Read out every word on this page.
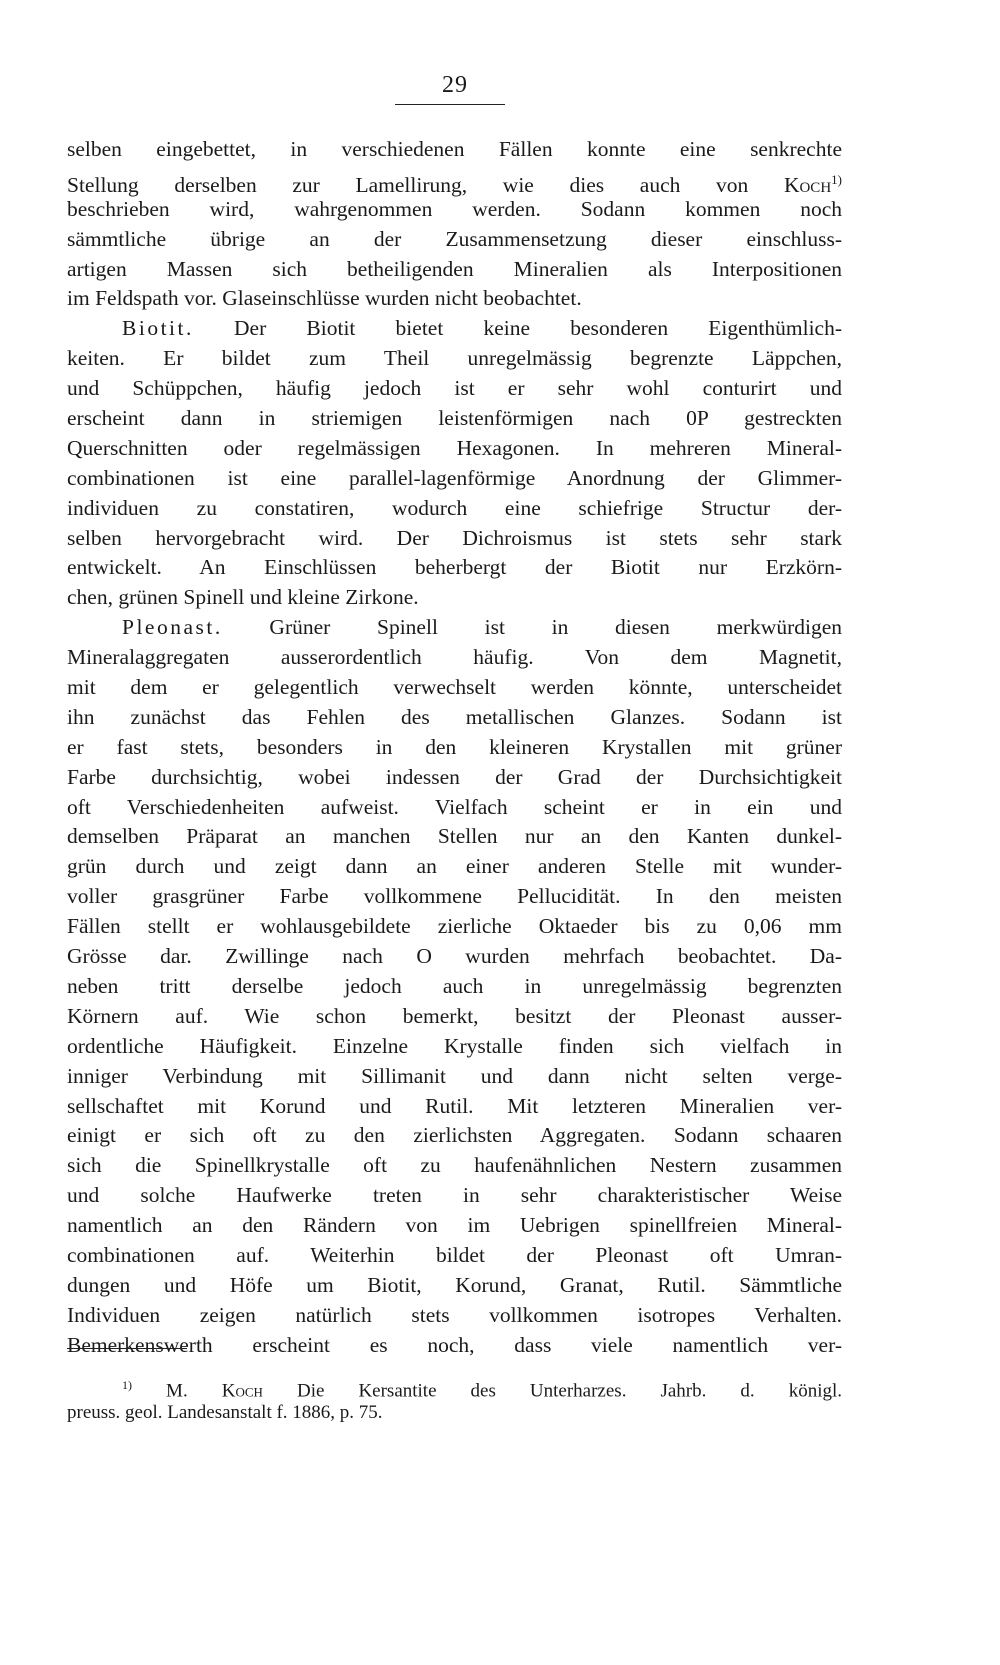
29
selben eingebettet, in verschiedenen Fällen konnte eine senkrechte
Stellung derselben zur Lamellirung, wie dies auch von Koch$^{1)}$
beschrieben wird, wahrgenommen werden. Sodann kommen noch
sämmtliche übrige an der Zusammensetzung dieser einschluss-
artigen Massen sich betheiligenden Mineralien als Interpositionen
im Feldspath vor. Glaseinschlüsse wurden nicht beobachtet.
Biotit. Der Biotit bietet keine besonderen Eigenthümlich-
keiten. Er bildet zum Theil unregelmässig begrenzte Läppchen,
und Schüppchen, häufig jedoch ist er sehr wohl conturirt und
erscheint dann in striemigen leistenförmigen nach 0P gestreckten
Querschnitten oder regelmässigen Hexagonen. In mehreren Mineral-
combinationen ist eine parallel-lagenförmige Anordnung der Glimmer-
individuen zu constatiren, wodurch eine schiefrige Structur der-
selben hervorgebracht wird. Der Dichroismus ist stets sehr stark
entwickelt. An Einschlüssen beherbergt der Biotit nur Erzkörn-
chen, grünen Spinell und kleine Zirkone.
Pleonast. Grüner Spinell ist in diesen merkwürdigen
Mineralaggregaten ausserordentlich häufig. Von dem Magnetit,
mit dem er gelegentlich verwechselt werden könnte, unterscheidet
ihn zunächst das Fehlen des metallischen Glanzes. Sodann ist
er fast stets, besonders in den kleineren Krystallen mit grüner
Farbe durchsichtig, wobei indessen der Grad der Durchsichtigkeit
oft Verschiedenheiten aufweist. Vielfach scheint er in ein und
demselben Präparat an manchen Stellen nur an den Kanten dunkel-
grün durch und zeigt dann an einer anderen Stelle mit wunder-
voller grasgrüner Farbe vollkommene Pellucidität. In den meisten
Fällen stellt er wohlausgebildete zierliche Oktaeder bis zu 0,06 mm
Grösse dar. Zwillinge nach O wurden mehrfach beobachtet. Da-
neben tritt derselbe jedoch auch in unregelmässig begrenzten
Körnern auf. Wie schon bemerkt, besitzt der Pleonast ausser-
ordentliche Häufigkeit. Einzelne Krystalle finden sich vielfach in
inniger Verbindung mit Sillimanit und dann nicht selten verge-
sellschaftet mit Korund und Rutil. Mit letzteren Mineralien ver-
einigt er sich oft zu den zierlichsten Aggregaten. Sodann schaaren
sich die Spinellkrystalle oft zu haufenähnlichen Nestern zusammen
und solche Haufwerke treten in sehr charakteristischer Weise
namentlich an den Rändern von im Uebrigen spinellfreien Mineral-
combinationen auf. Weiterhin bildet der Pleonast oft Umran-
dungen und Höfe um Biotit, Korund, Granat, Rutil. Sämmtliche
Individuen zeigen natürlich stets vollkommen isotropes Verhalten.
Bemerkenswerth erscheint es noch, dass viele namentlich ver-
$^{1)}$ M. Koch Die Kersantite des Unterharzes. Jahrb. d. königl.
preuss. geol. Landesanstalt f. 1886, p. 75.
